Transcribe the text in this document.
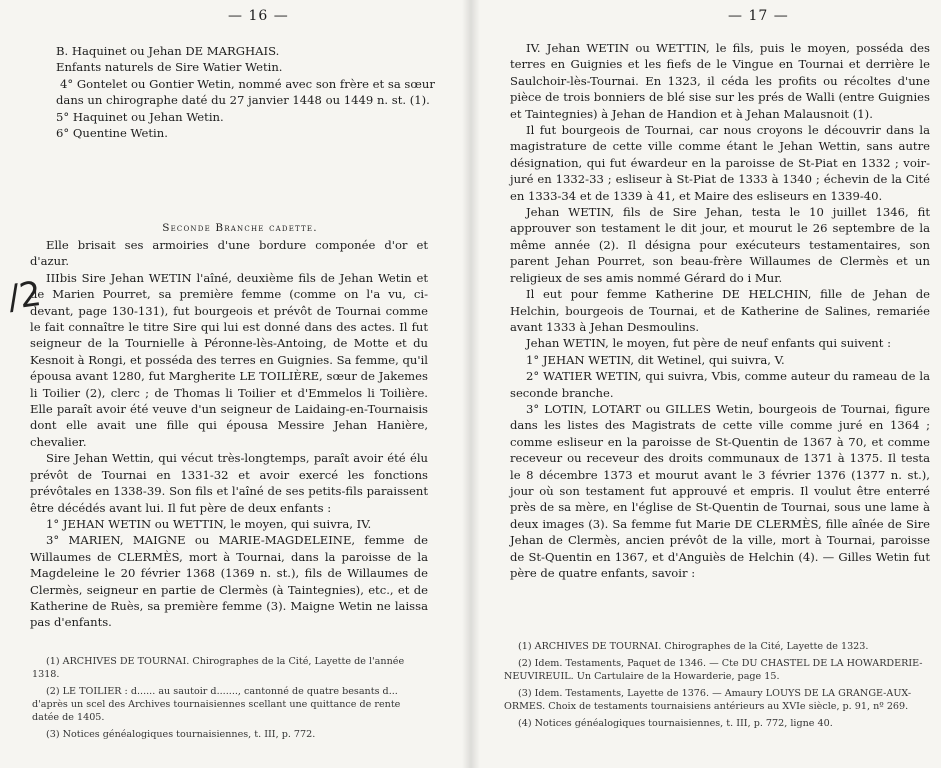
— 16 —
B. Haquinet ou Jehan DE MARGHAIS.
Enfants naturels de Sire Watier Wetin.
4° Gontelet ou Gontier Wetin, nommé avec son frère et sa sœur
dans un chirographe daté du 27 janvier 1448 ou 1449 n. st. (1).
5° Haquinet ou Jehan Wetin.
6° Quentine Wetin.
Seconde Branche cadette.

Elle brisait ses armoiries d'une bordure componée d'or et d'azur.

IIIbis Sire Jehan WETIN l'aîné, deuxième fils de Jehan Wetin et de Marien Pourret, sa première femme (comme on l'a vu, ci-devant, page 130-131), fut bourgeois et prévôt de Tournai comme le fait connaître le titre Sire qui lui est donné dans des actes. Il fut seigneur de la Tournielle à Péronne-lès-Antoing, de Motte et du Kesnoit à Rongi, et posséda des terres en Guignies. Sa femme, qu'il épousa avant 1280, fut Margherite LE TOILIÈRE, sœur de Jakemes li Toilier (2), clerc ; de Thomas li Toilier et d'Emmelos li Toilière. Elle paraît avoir été veuve d'un seigneur de Laidaing-en-Tournaisis dont elle avait une fille qui épousa Messire Jehan Hanière, chevalier.

Sire Jehan Wettin, qui vécut très-longtemps, paraît avoir été élu prévôt de Tournai en 1331-32 et avoir exercé les fonctions prévôtales en 1338-39. Son fils et l'aîné de ses petits-fils paraissent être décédés avant lui. Il fut père de deux enfants :

1° JEHAN WETIN ou WETTIN, le moyen, qui suivra, IV.

3° MARIEN, MAIGNE ou MARIE-MAGDELEINE, femme de Willaumes de CLERMÈS, mort à Tournai, dans la paroisse de la Magdeleine le 20 février 1368 (1369 n. st.), fils de Willaumes de Clermès, seigneur en partie de Clermès (à Taintegnies), etc., et de Katherine de Ruès, sa première femme (3). Maigne Wetin ne laissa pas d'enfants.

/2

(1) ARCHIVES DE TOURNAI. Chirographes de la Cité, Layette de l'année 1318.

(2) LE TOILIER : d...... au sautoir d......., cantonné de quatre besants d... d'après un scel des Archives tournaisiennes scellant une quittance de rente datée de 1405.

(3) Notices généalogiques tournaisiennes, t. III, p. 772.

— 17 —

IV. Jehan WETIN ou WETTIN, le fils, puis le moyen, posséda des terres en Guignies et les fiefs de le Vingue en Tournai et derrière le Saulchoir-lès-Tournai. En 1323, il céda les profits ou récoltes d'une pièce de trois bonniers de blé sise sur les prés de Walli (entre Guignies et Taintegnies) à Jehan de Handion et à Jehan Malausnoit (1).

Il fut bourgeois de Tournai, car nous croyons le découvrir dans la magistrature de cette ville comme étant le Jehan Wettin, sans autre désignation, qui fut éwardeur en la paroisse de St-Piat en 1332 ; voir-juré en 1332-33 ; esliseur à St-Piat de 1333 à 1340 ; échevin de la Cité en 1333-34 et de 1339 à 41, et Maire des esliseurs en 1339-40.

Jehan WETIN, fils de Sire Jehan, testa le 10 juillet 1346, fit approuver son testament le dit jour, et mourut le 26 septembre de la même année (2). Il désigna pour exécuteurs testamentaires, son parent Jehan Pourret, son beau-frère Willaumes de Clermès et un religieux de ses amis nommé Gérard do i Mur.

Il eut pour femme Katherine DE HELCHIN, fille de Jehan de Helchin, bourgeois de Tournai, et de Katherine de Salines, remariée avant 1333 à Jehan Desmoulins.

Jehan WETIN, le moyen, fut père de neuf enfants qui suivent :

1° JEHAN WETIN, dit Wetinel, qui suivra, V.

2° WATIER WETIN, qui suivra, Vbis, comme auteur du rameau de la seconde branche.

3° LOTIN, LOTART ou GILLES Wetin, bourgeois de Tournai, figure dans les listes des Magistrats de cette ville comme juré en 1364 ; comme esliseur en la paroisse de St-Quentin de 1367 à 70, et comme receveur ou receveur des droits communaux de 1371 à 1375. Il testa le 8 décembre 1373 et mourut avant le 3 février 1376 (1377 n. st.), jour où son testament fut approuvé et empris. Il voulut être enterré près de sa mère, en l'église de St-Quentin de Tournai, sous une lame à deux images (3). Sa femme fut Marie DE CLERMÈS, fille aînée de Sire Jehan de Clermès, ancien prévôt de la ville, mort à Tournai, paroisse de St-Quentin en 1367, et d'Anguiès de Helchin (4). — Gilles Wetin fut père de quatre enfants, savoir :

(1) ARCHIVES DE TOURNAI. Chirographes de la Cité, Layette de 1323.

(2) Idem. Testaments, Paquet de 1346. — Cte DU CHASTEL DE LA HOWARDERIE-NEUVIREUIL. Un Cartulaire de la Howarderie, page 15.

(3) Idem. Testaments, Layette de 1376. — Amaury LOUYS DE LA GRANGE-AUX-ORMES. Choix de testaments tournaisiens antérieurs au XVIe siècle, p. 91, nº 269.

(4) Notices généalogiques tournaisiennes, t. III, p. 772, ligne 40.
